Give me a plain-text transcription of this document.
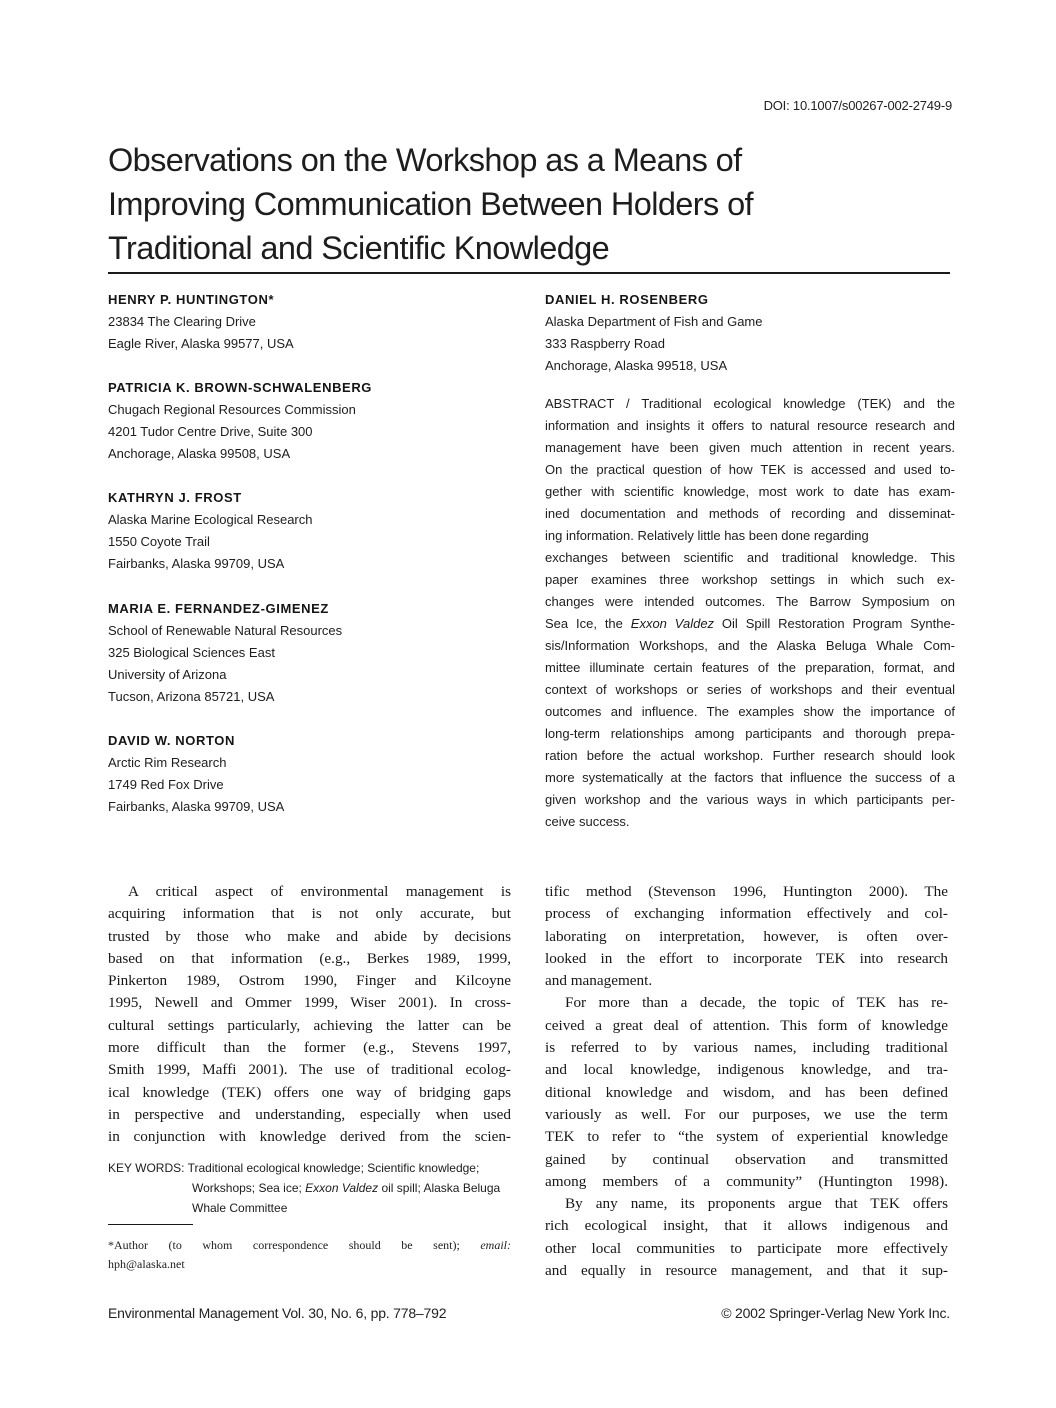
DOI: 10.1007/s00267-002-2749-9
Observations on the Workshop as a Means of
Improving Communication Between Holders of
Traditional and Scientific Knowledge
HENRY P. HUNTINGTON*
23834 The Clearing Drive
Eagle River, Alaska 99577, USA
PATRICIA K. BROWN-SCHWALENBERG
Chugach Regional Resources Commission
4201 Tudor Centre Drive, Suite 300
Anchorage, Alaska 99508, USA
KATHRYN J. FROST
Alaska Marine Ecological Research
1550 Coyote Trail
Fairbanks, Alaska 99709, USA
MARIA E. FERNANDEZ-GIMENEZ
School of Renewable Natural Resources
325 Biological Sciences East
University of Arizona
Tucson, Arizona 85721, USA
DAVID W. NORTON
Arctic Rim Research
1749 Red Fox Drive
Fairbanks, Alaska 99709, USA
DANIEL H. ROSENBERG
Alaska Department of Fish and Game
333 Raspberry Road
Anchorage, Alaska 99518, USA
ABSTRACT / Traditional ecological knowledge (TEK) and the
information and insights it offers to natural resource research and
management have been given much attention in recent years.
On the practical question of how TEK is accessed and used to-
gether with scientific knowledge, most work to date has exam-
ined documentation and methods of recording and disseminat-
ing information. Relatively little has been done regarding
exchanges between scientific and traditional knowledge. This
paper examines three workshop settings in which such ex-
changes were intended outcomes. The Barrow Symposium on
Sea Ice, the Exxon Valdez Oil Spill Restoration Program Synthe-
sis/Information Workshops, and the Alaska Beluga Whale Com-
mittee illuminate certain features of the preparation, format, and
context of workshops or series of workshops and their eventual
outcomes and influence. The examples show the importance of
long-term relationships among participants and thorough prepa-
ration before the actual workshop. Further research should look
more systematically at the factors that influence the success of a
given workshop and the various ways in which participants per-
ceive success.
A critical aspect of environmental management is
acquiring information that is not only accurate, but
trusted by those who make and abide by decisions
based on that information (e.g., Berkes 1989, 1999,
Pinkerton 1989, Ostrom 1990, Finger and Kilcoyne
1995, Newell and Ommer 1999, Wiser 2001). In cross-
cultural settings particularly, achieving the latter can be
more difficult than the former (e.g., Stevens 1997,
Smith 1999, Maffi 2001). The use of traditional ecolog-
ical knowledge (TEK) offers one way of bridging gaps
in perspective and understanding, especially when used
in conjunction with knowledge derived from the scien-
KEY WORDS: Traditional ecological knowledge; Scientific knowledge;
Workshops; Sea ice; Exxon Valdez oil spill; Alaska Beluga
Whale Committee
*Author (to whom correspondence should be sent); email:
hph@alaska.net
tific method (Stevenson 1996, Huntington 2000). The
process of exchanging information effectively and col-
laborating on interpretation, however, is often over-
looked in the effort to incorporate TEK into research
and management.
For more than a decade, the topic of TEK has re-
ceived a great deal of attention. This form of knowledge
is referred to by various names, including traditional
and local knowledge, indigenous knowledge, and tra-
ditional knowledge and wisdom, and has been defined
variously as well. For our purposes, we use the term
TEK to refer to “the system of experiential knowledge
gained by continual observation and transmitted
among members of a community” (Huntington 1998).
By any name, its proponents argue that TEK offers
rich ecological insight, that it allows indigenous and
other local communities to participate more effectively
and equally in resource management, and that it sup-
Environmental Management Vol. 30, No. 6, pp. 778–792	© 2002 Springer-Verlag New York Inc.
